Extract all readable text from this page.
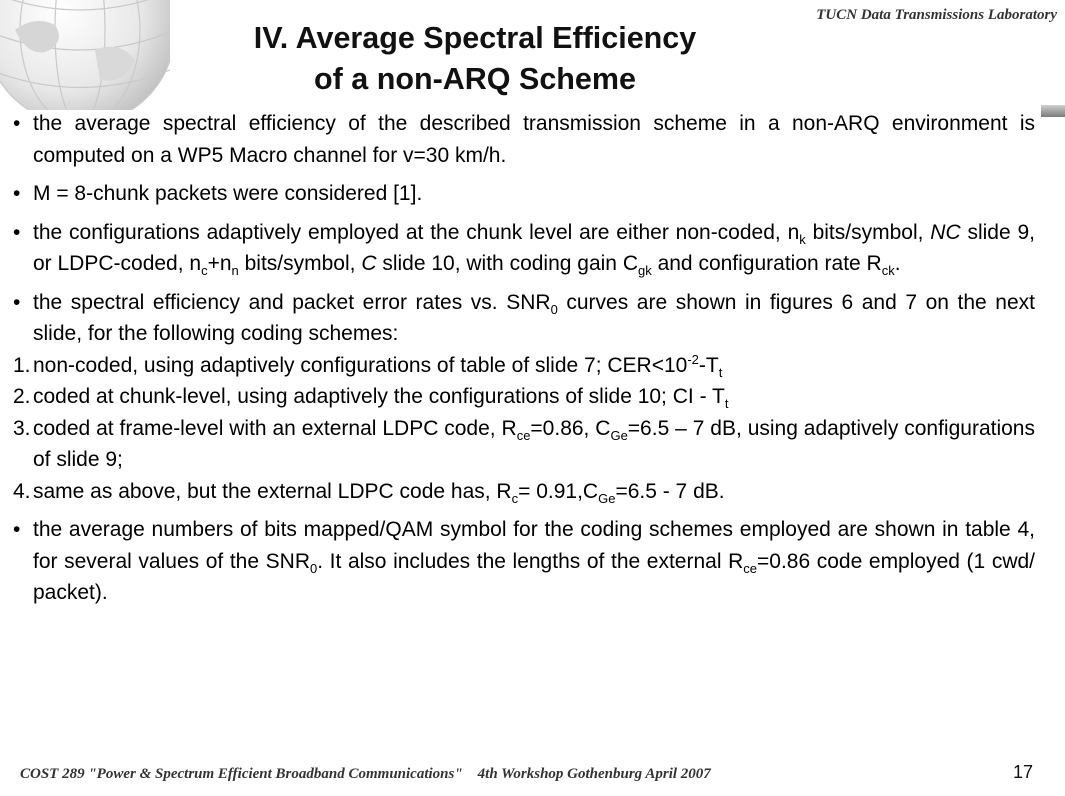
TUCN Data Transmissions Laboratory
IV. Average Spectral Efficiency
of a non-ARQ Scheme
• the average spectral efficiency of the described transmission scheme in a non-ARQ environment is computed on a WP5 Macro channel for v=30 km/h.
• M = 8-chunk packets were considered [1].
• the configurations adaptively employed at the chunk level are either non-coded, $n_k$ bits/symbol, NC slide 9, or LDPC-coded, $n_c+n_n$ bits/symbol, C slide 10, with coding gain $C_{gk}$ and configuration rate $R_{ck}$.
• the spectral efficiency and packet error rates vs. $SNR_0$ curves are shown in figures 6 and 7 on the next slide, for the following coding schemes:
1. non-coded, using adaptively configurations of table of slide 7; $CER<10^{-2}-T_t$
2. coded at chunk-level, using adaptively the configurations of slide 10; CI - $T_t$
3. coded at frame-level with an external LDPC code, $R_{ce}=0.86$, $C_{Ge}=6.5 - 7$ dB, using adaptively configurations of slide 9;
4. same as above, but the external LDPC code has, $R_c= 0.91,C_{Ge}=6.5 - 7$ dB.
• the average numbers of bits mapped/QAM symbol for the coding schemes employed are shown in table 4, for several values of the $SNR_0$. It also includes the lengths of the external $R_{ce}=0.86$ code employed (1 cwd/ packet).
COST 289 "Power & Spectrum Efficient Broadband Communications"    4th Workshop Gothenburg April 2007	17
